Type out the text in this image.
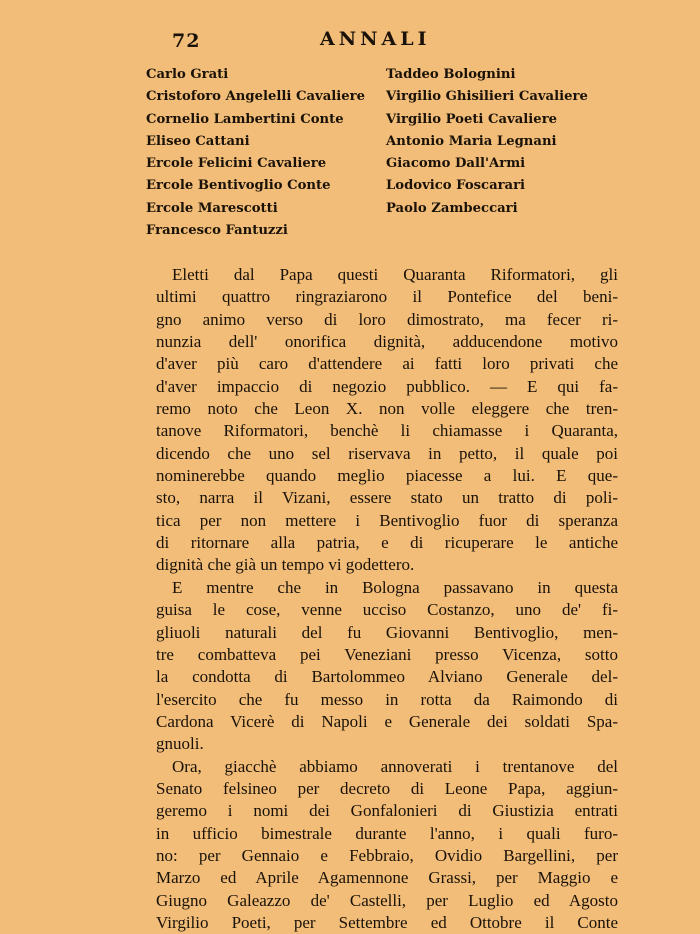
72	ANNALI
Carlo Grati
Cristoforo Angelelli Cavaliere
Cornelio Lambertini Conte
Eliseo Cattani
Ercole Felicini Cavaliere
Ercole Bentivoglio Conte
Ercole Marescotti
Francesco Fantuzzi
Taddeo Bolognini
Virgilio Ghisilieri Cavaliere
Virgilio Poeti Cavaliere
Antonio Maria Legnani
Giacomo Dall'Armi
Lodovico Foscarari
Paolo Zambeccari

Eletti dal Papa questi Quaranta Riformatori, gli
ultimi quattro ringraziarono il Pontefice del beni-
gno animo verso di loro dimostrato, ma fecer ri-
nunzia dell' onorifica dignità, adducendone motivo
d'aver più caro d'attendere ai fatti loro privati che
d'aver impaccio di negozio pubblico. — E qui fa-
remo noto che Leon X. non volle eleggere che tren-
tanove Riformatori, benchè li chiamasse i Quaranta,
dicendo che uno sel riservava in petto, il quale poi
nominerebbe quando meglio piacesse a lui. E que-
sto, narra il Vizani, essere stato un tratto di poli-
tica per non mettere i Bentivoglio fuor di speranza
di ritornare alla patria, e di ricuperare le antiche
dignità che già un tempo vi godettero.

E mentre che in Bologna passavano in questa
guisa le cose, venne ucciso Costanzo, uno de' fi-
gliuoli naturali del fu Giovanni Bentivoglio, men-
tre combatteva pei Veneziani presso Vicenza, sotto
la condotta di Bartolommeo Alviano Generale del-
l'esercito che fu messo in rotta da Raimondo di
Cardona Vicerè di Napoli e Generale dei soldati Spa-
gnuoli.

Ora, giacchè abbiamo annoverati i trentanove del
Senato felsineo per decreto di Leone Papa, aggiun-
geremo i nomi dei Gonfalonieri di Giustizia entrati
in ufficio bimestrale durante l'anno, i quali furo-
no: per Gennaio e Febbraio, Ovidio Bargellini, per
Marzo ed Aprile Agamennone Grassi, per Maggio e
Giugno Galeazzo de' Castelli, per Luglio ed Agosto
Virgilio Poeti, per Settembre ed Ottobre il Conte
